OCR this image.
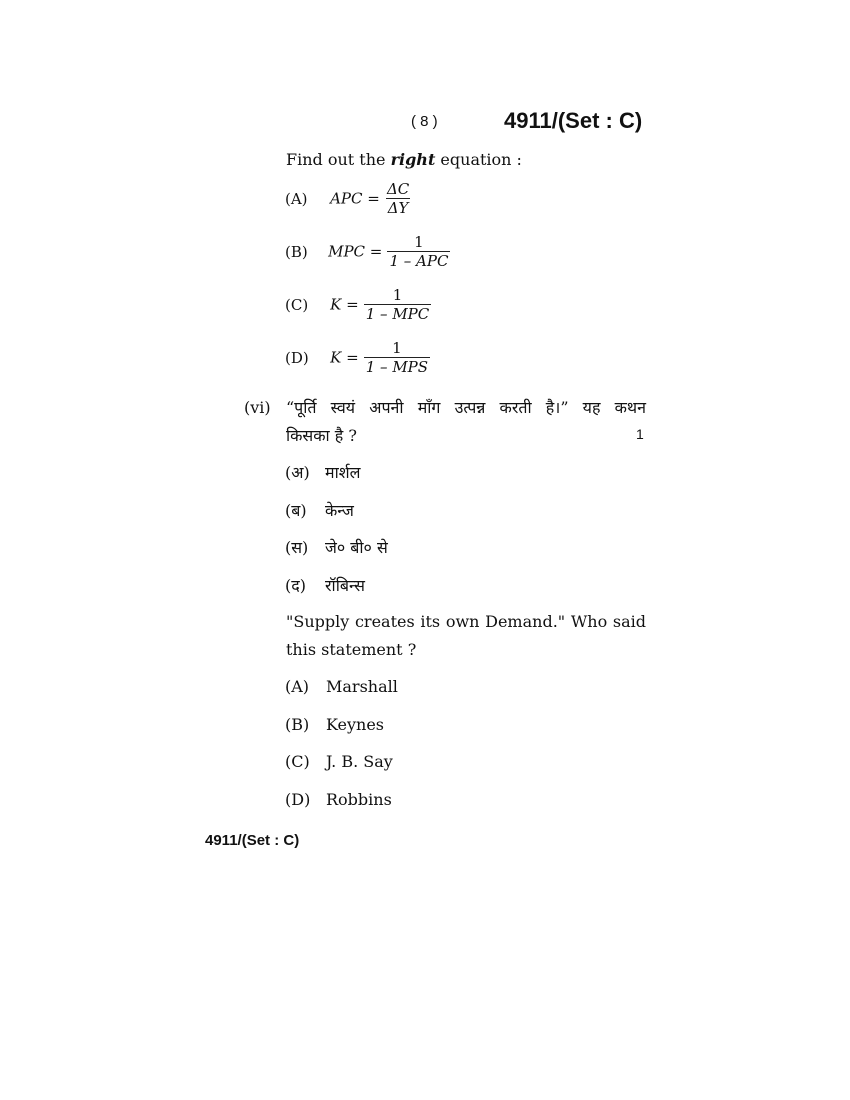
( 8 )	4911/(Set : C)
Find out the right equation :
(A) APC = $\frac{\Delta C}{\Delta Y}$
(B) MPC = $\frac{1}{\text{1 – APC}}$
(C) $K = \frac{1}{\text{1 – MPC}}$
(D) $K = \frac{1}{\text{1 – MPS}}$
(vi) “पूर्ति स्वयं अपनी माँग उत्पन्न करती है।” यह कथन
किसका है ?	1
(अ) मार्शल
(ब) केन्ज
(स) जे० बी० से
(द) रॉबिन्स
"Supply creates its own Demand." Who said
this statement ?
(A) Marshall
(B) Keynes
(C) J. B. Say
(D) Robbins
4911/(Set : C)
